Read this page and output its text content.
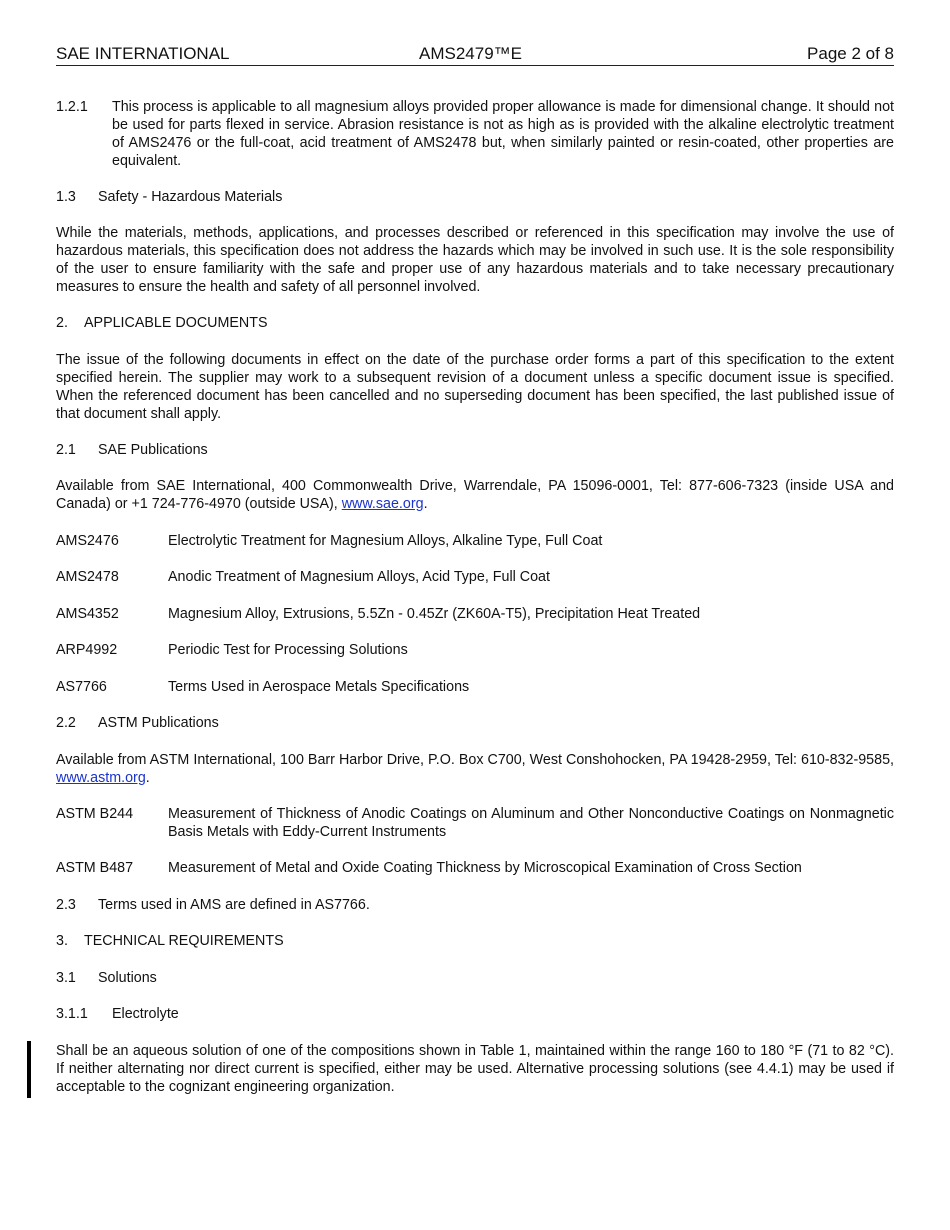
SAE INTERNATIONAL	AMS2479™E	Page 2 of 8
1.2.1	This process is applicable to all magnesium alloys provided proper allowance is made for dimensional change. It should not be used for parts flexed in service. Abrasion resistance is not as high as is provided with the alkaline electrolytic treatment of AMS2476 or the full-coat, acid treatment of AMS2478 but, when similarly painted or resin-coated, other properties are equivalent.
1.3	Safety - Hazardous Materials
While the materials, methods, applications, and processes described or referenced in this specification may involve the use of hazardous materials, this specification does not address the hazards which may be involved in such use. It is the sole responsibility of the user to ensure familiarity with the safe and proper use of any hazardous materials and to take necessary precautionary measures to ensure the health and safety of all personnel involved.
2.	APPLICABLE DOCUMENTS
The issue of the following documents in effect on the date of the purchase order forms a part of this specification to the extent specified herein. The supplier may work to a subsequent revision of a document unless a specific document issue is specified. When the referenced document has been cancelled and no superseding document has been specified, the last published issue of that document shall apply.
2.1	SAE Publications
Available from SAE International, 400 Commonwealth Drive, Warrendale, PA 15096-0001, Tel: 877-606-7323 (inside USA and Canada) or +1 724-776-4970 (outside USA), www.sae.org.
AMS2476	Electrolytic Treatment for Magnesium Alloys, Alkaline Type, Full Coat
AMS2478	Anodic Treatment of Magnesium Alloys, Acid Type, Full Coat
AMS4352	Magnesium Alloy, Extrusions, 5.5Zn - 0.45Zr (ZK60A-T5), Precipitation Heat Treated
ARP4992	Periodic Test for Processing Solutions
AS7766	Terms Used in Aerospace Metals Specifications
2.2	ASTM Publications
Available from ASTM International, 100 Barr Harbor Drive, P.O. Box C700, West Conshohocken, PA 19428-2959, Tel: 610-832-9585, www.astm.org.
ASTM B244	Measurement of Thickness of Anodic Coatings on Aluminum and Other Nonconductive Coatings on Nonmagnetic Basis Metals with Eddy-Current Instruments
ASTM B487	Measurement of Metal and Oxide Coating Thickness by Microscopical Examination of Cross Section
2.3	Terms used in AMS are defined in AS7766.
3.	TECHNICAL REQUIREMENTS
3.1	Solutions
3.1.1	Electrolyte
Shall be an aqueous solution of one of the compositions shown in Table 1, maintained within the range 160 to 180 °F (71 to 82 °C). If neither alternating nor direct current is specified, either may be used. Alternative processing solutions (see 4.4.1) may be used if acceptable to the cognizant engineering organization.
